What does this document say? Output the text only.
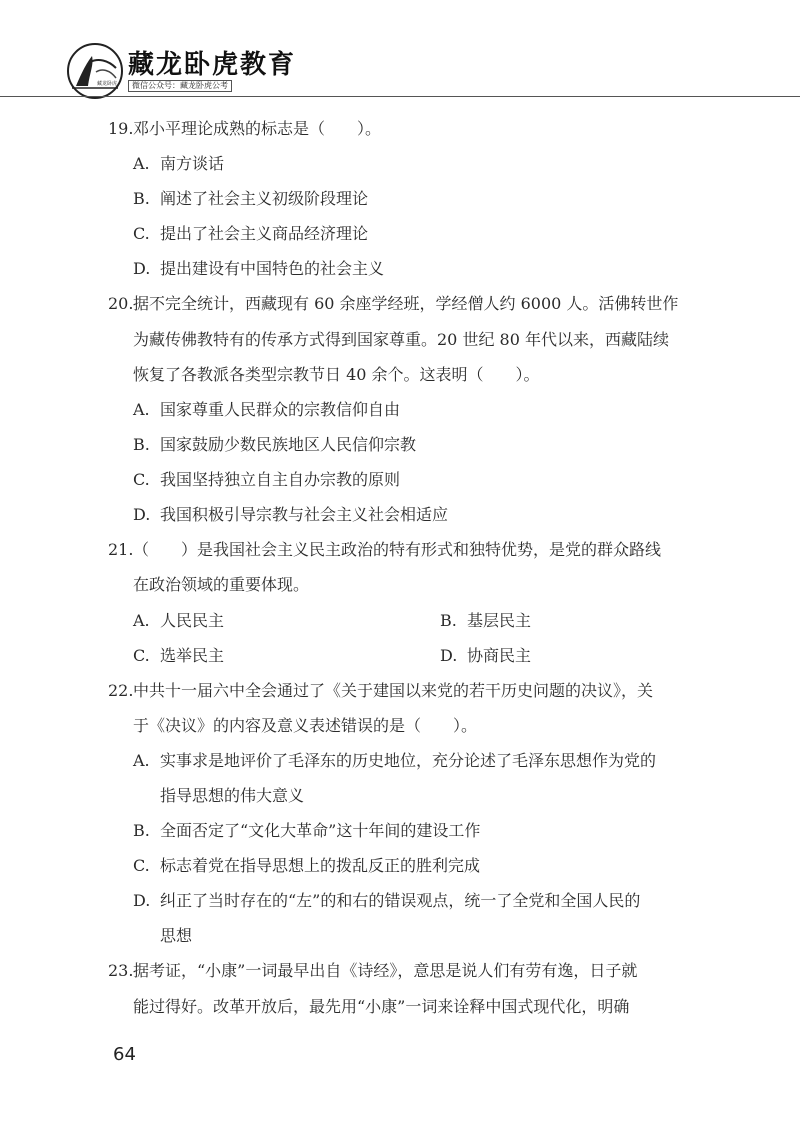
藏龙卧虎
藏龙卧虎教育
微信公众号：藏龙卧虎公考
19. 邓小平理论成熟的标志是（　　）。
A. 南方谈话
B. 阐述了社会主义初级阶段理论
C. 提出了社会主义商品经济理论
D. 提出建设有中国特色的社会主义
20. 据不完全统计，西藏现有 60 余座学经班，学经僧人约 6000 人。活佛转世作
为藏传佛教特有的传承方式得到国家尊重。20 世纪 80 年代以来，西藏陆续
恢复了各教派各类型宗教节日 40 余个。这表明（　　）。
A. 国家尊重人民群众的宗教信仰自由
B. 国家鼓励少数民族地区人民信仰宗教
C. 我国坚持独立自主自办宗教的原则
D. 我国积极引导宗教与社会主义社会相适应
21. （　　）是我国社会主义民主政治的特有形式和独特优势，是党的群众路线
在政治领域的重要体现。
A. 人民民主	B. 基层民主
C. 选举民主	D. 协商民主
22. 中共十一届六中全会通过了《关于建国以来党的若干历史问题的决议》，关
于《决议》的内容及意义表述错误的是（　　）。
A. 实事求是地评价了毛泽东的历史地位，充分论述了毛泽东思想作为党的
指导思想的伟大意义
B. 全面否定了“文化大革命”这十年间的建设工作
C. 标志着党在指导思想上的拨乱反正的胜利完成
D. 纠正了当时存在的“左”的和右的错误观点，统一了全党和全国人民的
思想
23. 据考证，“小康”一词最早出自《诗经》，意思是说人们有劳有逸，日子就
能过得好。改革开放后，最先用“小康”一词来诠释中国式现代化，明确
64
